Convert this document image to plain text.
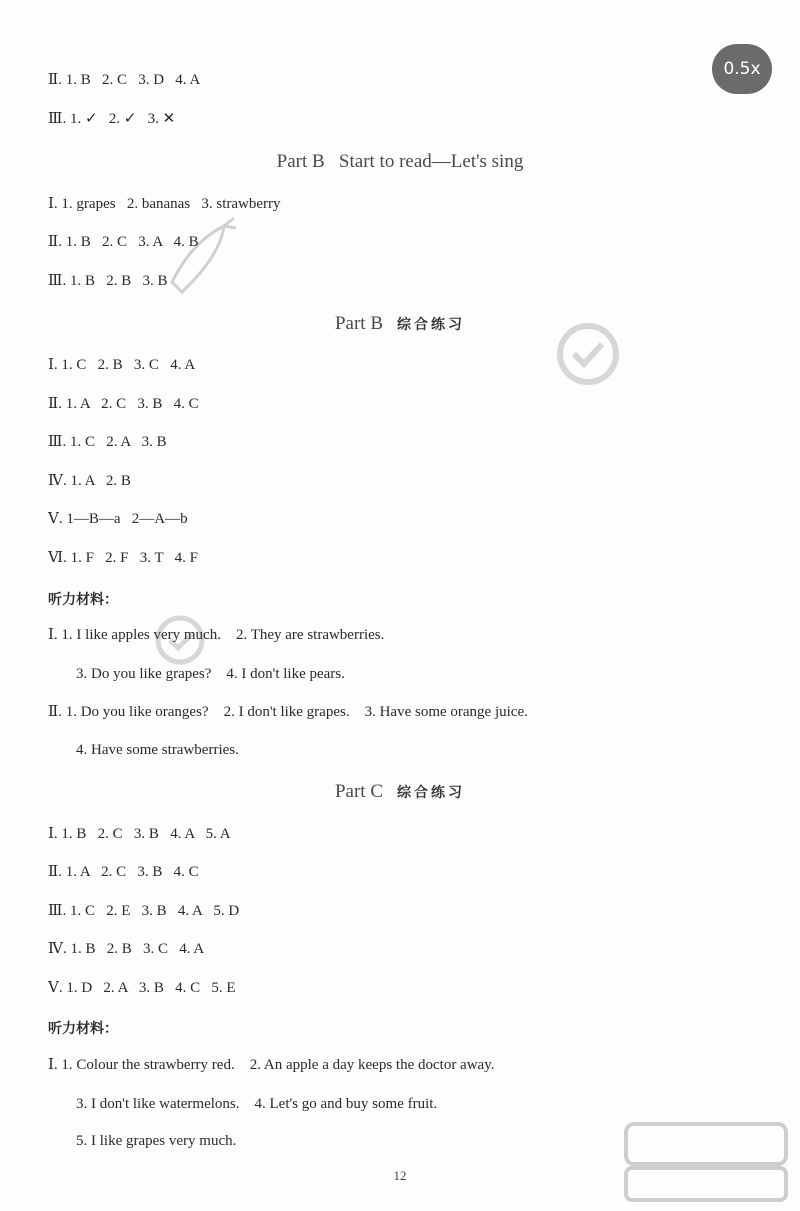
Ⅱ. 1. B   2. C   3. D   4. A
Ⅲ. 1. ✓   2. ✓   3. ✕
Ⅰ. 1. grapes   2. bananas   3. strawberry
Ⅱ. 1. B   2. C   3. A   4. B
Ⅲ. 1. B   2. B   3. B
Ⅰ. 1. C   2. B   3. C   4. A
Ⅱ. 1. A   2. C   3. B   4. C
Ⅲ. 1. C   2. A   3. B
Ⅳ. 1. A   2. B
Ⅴ. 1—B—a   2—A—b
Ⅵ. 1. F   2. F   3. T   4. F
Ⅰ. 1. I like apples very much.    2. They are strawberries.
3. Do you like grapes?    4. I don't like pears.
Ⅱ. 1. Do you like oranges?    2. I don't like grapes.    3. Have some orange juice.
4. Have some strawberries.
Ⅰ. 1. B   2. C   3. B   4. A   5. A
Ⅱ. 1. A   2. C   3. B   4. C
Ⅲ. 1. C   2. E   3. B   4. A   5. D
Ⅳ. 1. B   2. B   3. C   4. A
Ⅴ. 1. D   2. A   3. B   4. C   5. E
Ⅰ. 1. Colour the strawberry red.    2. An apple a day keeps the doctor away.
3. I don't like watermelons.    4. Let's go and buy some fruit.
5. I like grapes very much.
Part B   Start to read—Let's sing
Part B 综合练习
Part C 综合练习
听力材料：
听力材料：
0.5x
12
